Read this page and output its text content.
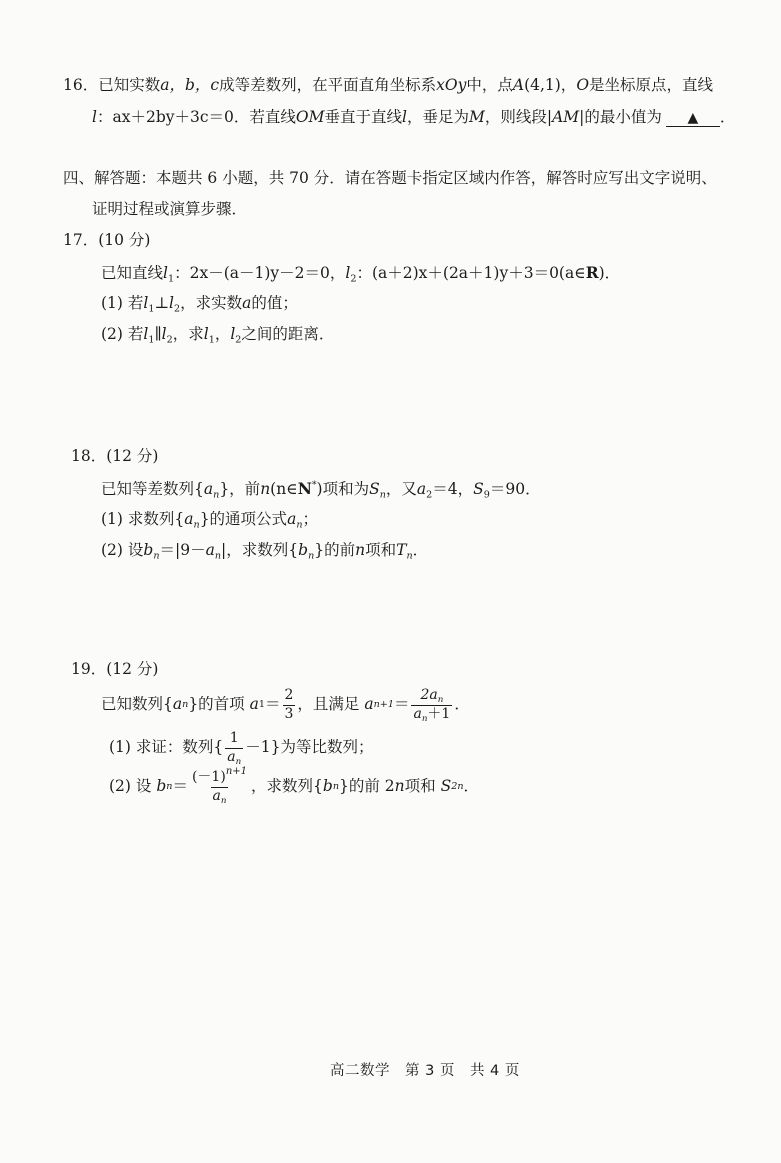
16．已知实数a，b，c成等差数列，在平面直角坐标系xOy中，点A(4,1)，O是坐标原点，直线
l：ax＋2by＋3c＝0．若直线OM垂直于直线l，垂足为M，则线段|AM|的最小值为 ▲ ．
四、解答题：本题共 6 小题，共 70 分．请在答题卡指定区域内作答，解答时应写出文字说明、
证明过程或演算步骤．
17．(10 分)
已知直线$l_1$：2x－(a－1)y－2＝0，$l_2$：(a＋2)x＋(2a＋1)y＋3＝0(a∈R)．
(1) 若$l_1\perp l_2$，求实数a的值；
(2) 若$l_1\parallel l_2$，求$l_1$，$l_2$之间的距离．
18．(12 分)
已知等差数列$\{a_n\}$，前n(n∈N*)项和为$S_n$，又$a_2=4$，$S_9=90$．
(1) 求数列$\{a_n\}$的通项公式$a_n$；
(2) 设$b_n=|9-a_n|$，求数列$\{b_n\}$的前n项和$T_n$．
19．(12 分)
已知数列{ a n }的首项
a $1 = \frac{2}{3}$ ，且满足
a $n+1 = \frac{2a_n}{a_n+1}$ ．
(1) 求证：数列{ $\frac{1}{a_n} -1$ }为等比数列；
(2) 设
b $n = \frac{(-1)^{n+1}}{a_n}$ ，求数列{ b n }的前 2 n 项和
S 2n ．
高二数学　第 3 页　共 4 页
